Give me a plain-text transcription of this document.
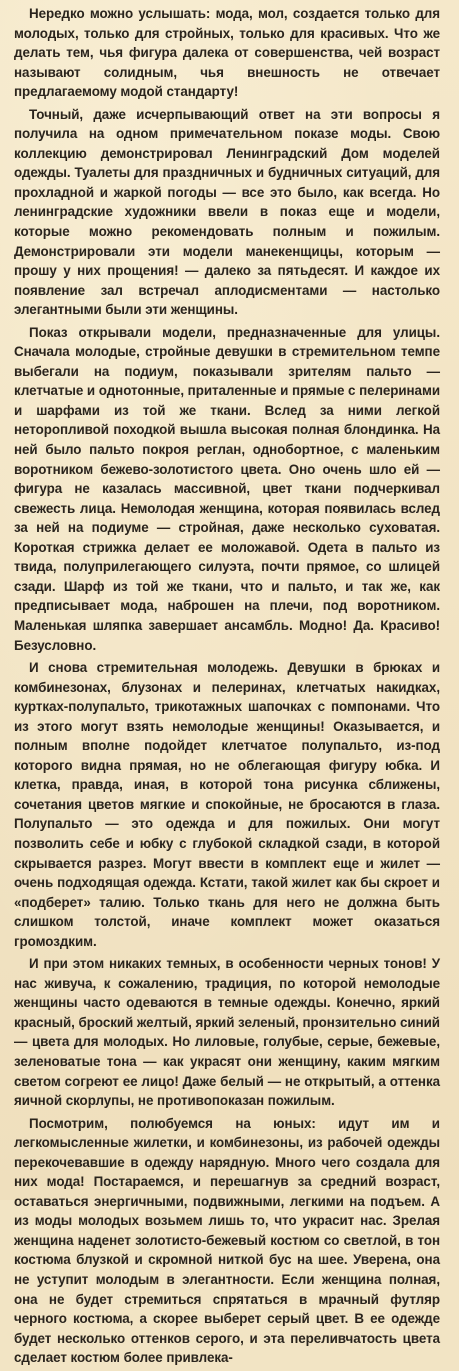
Нередко можно услышать: мода, мол, создается только для молодых, только для стройных, только для красивых. Что же делать тем, чья фигура далека от совершенства, чей возраст называют солидным, чья внешность не отвечает предлагаемому модой стандарту!

Точный, даже исчерпывающий ответ на эти вопросы я получила на одном примечательном показе моды. Свою коллекцию демонстрировал Ленинградский Дом моделей одежды. Туалеты для праздничных и будничных ситуаций, для прохладной и жаркой погоды — все это было, как всегда. Но ленинградские художники ввели в показ еще и модели, которые можно рекомендовать полным и пожилым. Демонстрировали эти модели манекенщицы, которым — прошу у них прощения! — далеко за пятьдесят. И каждое их появление зал встречал аплодисментами — настолько элегантными были эти женщины.

Показ открывали модели, предназначенные для улицы. Сначала молодые, стройные девушки в стремительном темпе выбегали на подиум, показывали зрителям пальто — клетчатые и однотонные, приталенные и прямые с пелеринами и шарфами из той же ткани. Вслед за ними легкой неторопливой походкой вышла высокая полная блондинка. На ней было пальто покроя реглан, однобортное, с маленьким воротником бежево-золотистого цвета. Оно очень шло ей — фигура не казалась массивной, цвет ткани подчеркивал свежесть лица. Немолодая женщина, которая появилась вслед за ней на подиуме — стройная, даже несколько суховатая. Короткая стрижка делает ее моложавой. Одета в пальто из твида, полуприлегающего силуэта, почти прямое, со шлицей сзади. Шарф из той же ткани, что и пальто, и так же, как предписывает мода, наброшен на плечи, под воротником. Маленькая шляпка завершает ансамбль. Модно! Да. Красиво! Безусловно.

И снова стремительная молодежь. Девушки в брюках и комбинезонах, блузонах и пелеринах, клетчатых накидках, куртках-полупальто, трикотажных шапочках с помпонами. Что из этого могут взять немолодые женщины! Оказывается, и полным вполне подойдет клетчатое полупальто, из-под которого видна прямая, но не облегающая фигуру юбка. И клетка, правда, иная, в которой тона рисунка сближены, сочетания цветов мягкие и спокойные, не бросаются в глаза. Полупальто — это одежда и для пожилых. Они могут позволить себе и юбку с глубокой складкой сзади, в которой скрывается разрез. Могут ввести в комплект еще и жилет — очень подходящая одежда. Кстати, такой жилет как бы скроет и «подберет» талию. Только ткань для него не должна быть слишком толстой, иначе комплект может оказаться громоздким.

И при этом никаких темных, в особенности черных тонов! У нас живуча, к сожалению, традиция, по которой немолодые женщины часто одеваются в темные одежды. Конечно, яркий красный, броский желтый, яркий зеленый, пронзительно синий — цвета для молодых. Но лиловые, голубые, серые, бежевые, зеленоватые тона — как украсят они женщину, каким мягким светом согреют ее лицо! Даже белый — не открытый, а оттенка яичной скорлупы, не противопоказан пожилым.

Посмотрим, полюбуемся на юных: идут им и легкомысленные жилетки, и комбинезоны, из рабочей одежды перекочевавшие в одежду нарядную. Много чего создала для них мода! Постараемся, и перешагнув за средний возраст, оставаться энергичными, подвижными, легкими на подъем. А из моды молодых возьмем лишь то, что украсит нас. Зрелая женщина наденет золотисто-бежевый костюм со светлой, в тон костюма блузкой и скромной ниткой бус на шее. Уверена, она не уступит молодым в элегантности. Если женщина полная, она не будет стремиться спрятаться в мрачный футляр черного костюма, а скорее выберет серый цвет. В ее одежде будет несколько оттенков серого, и эта переливчатость цвета сделает костюм более привлека-
